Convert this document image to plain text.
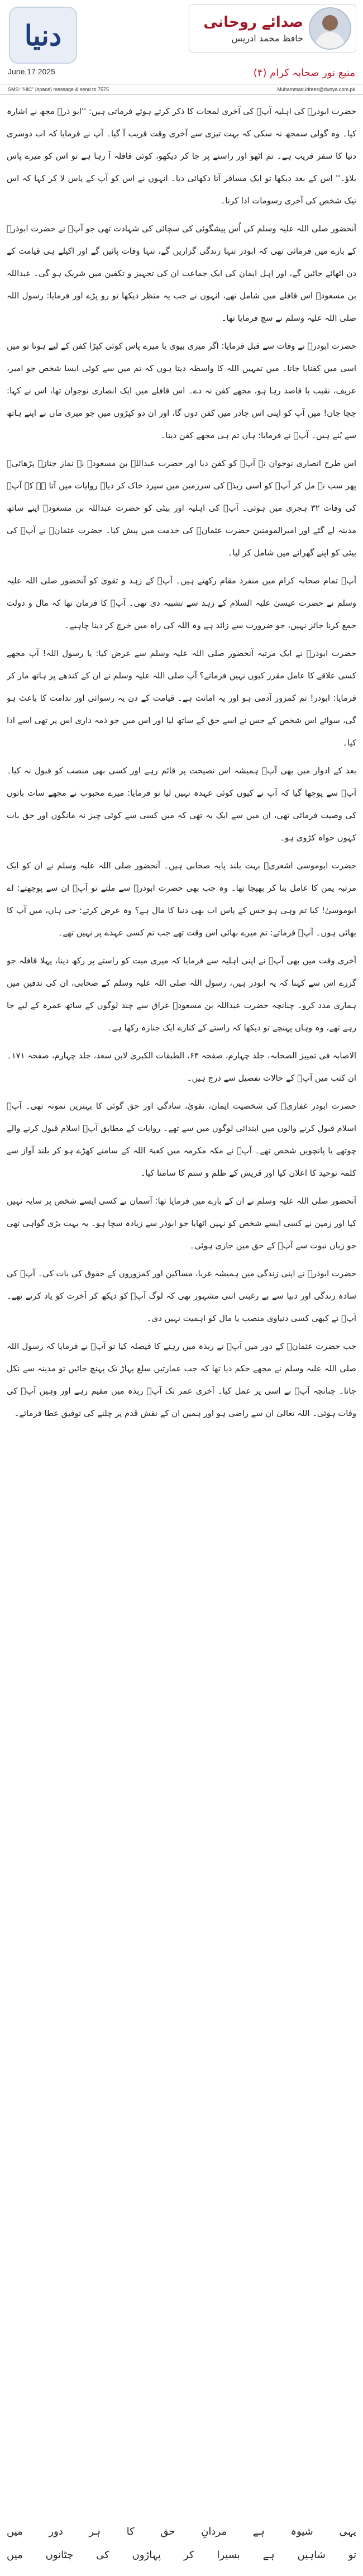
دنیا	صدائے روحانی
حافظ محمد ادریس
June,17 2025	منبع نور صحابہ کرام (۴)
SMS: "HIC" (space) message & send to 7575	Muhammad.idrees@dunya.com.pk

حضرت ابوذرؓ کی اہلیہ آپؓ کی آخری لمحات کا ذکر کرتے ہوئے فرماتی ہیں: ''ابو ذرؓ مجھ نے اشارہ کیا۔ وہ گولی سمجھ نہ سکی کہ بہت تیزی سے آخری وقت قریب آ گیا۔ آپ نے فرمایا کہ اب دوسری دنیا کا سفر قریب ہے۔ تم اٹھو اور راستے پر جا کر دیکھو، کوئی قافلہ آ رہا ہے تو اس کو میرے پاس بلاؤ۔'' اس کے بعد دیکھا تو ایک مسافر آتا دکھائی دیا۔ انہوں نے اس کو آپ کے پاس لا کر کہا کہ اس نیک شخص کی آخری رسومات ادا کرنا۔

آنحضور صلی اللہ علیہ وسلم کی اُس پیشگوئی کی سچائی کی شہادت تھی جو آپؐ نے حضرت ابوذرؓ کے بارے میں فرمائی تھی کہ ابوذر تنہا زندگی گزاریں گے، تنہا وفات پائیں گے اور اکیلے ہی قیامت کے دن اٹھائے جائیں گے، اور اہل ایمان کی ایک جماعت ان کی تجہیز و تکفین میں شریک ہو گی۔ عبداللہ بن مسعودؓ اس قافلے میں شامل تھے، انہوں نے جب یہ منظر دیکھا تو رو پڑے اور فرمایا: رسول اللہ صلی اللہ علیہ وسلم نے سچ فرمایا تھا۔

حضرت ابوذرؓ نے وفات سے قبل فرمایا: اگر میری بیوی یا میرے پاس کوئی کپڑا کفن کے لیے ہوتا تو میں اسی میں کفنایا جاتا۔ میں تمہیں اللہ کا واسطہ دیتا ہوں کہ تم میں سے کوئی ایسا شخص جو امیر، عریف، نقیب یا قاصد رہا ہو، مجھے کفن نہ دے۔ اس قافلے میں ایک انصاری نوجوان تھا، اس نے کہا: چچا جان! میں آپ کو اپنی اس چادر میں کفن دوں گا، اور ان دو کپڑوں میں جو میری ماں نے اپنے ہاتھ سے بُنے ہیں۔ آپؓ نے فرمایا: ہاں تم ہی مجھے کفن دینا۔

اس طرح انصاری نوجوان نے آپؓ کو کفن دیا اور حضرت عبداللہ بن مسعودؓ نے نماز جنازہ پڑھائی۔ پھر سب نے مل کر آپؓ کو اسی ربذہ کی سرزمین میں سپرد خاک کر دیا۔ روایات میں آتا ہے کہ آپؓ کی وفات ۳۲ ہجری میں ہوئی۔ آپؓ کی اہلیہ اور بیٹی کو حضرت عبداللہ بن مسعودؓ اپنے ساتھ مدینہ لے گئے اور امیرالمومنین حضرت عثمانؓ کی خدمت میں پیش کیا۔ حضرت عثمانؓ نے آپؓ کی بیٹی کو اپنے گھرانے میں شامل کر لیا۔

آپؓ تمام صحابہ کرام میں منفرد مقام رکھتے ہیں۔ آپؓ کے زہد و تقویٰ کو آنحضور صلی اللہ علیہ وسلم نے حضرت عیسیٰ علیہ السلام کے زہد سے تشبیہ دی تھی۔ آپؓ کا فرمان تھا کہ مال و دولت جمع کرنا جائز نہیں، جو ضرورت سے زائد ہے وہ اللہ کی راہ میں خرچ کر دینا چاہیے۔

حضرت ابوذرؓ نے ایک مرتبہ آنحضور صلی اللہ علیہ وسلم سے عرض کیا: یا رسول اللہ! آپ مجھے کسی علاقے کا عامل مقرر کیوں نہیں فرماتے؟ آپ صلی اللہ علیہ وسلم نے ان کے کندھے پر ہاتھ مار کر فرمایا: ابوذر! تم کمزور آدمی ہو اور یہ امانت ہے۔ قیامت کے دن یہ رسوائی اور ندامت کا باعث ہو گی، سوائے اس شخص کے جس نے اسے حق کے ساتھ لیا اور اس میں جو ذمہ داری اس پر تھی اسے ادا کیا۔

بعد کے ادوار میں بھی آپؓ ہمیشہ اس نصیحت پر قائم رہے اور کسی بھی منصب کو قبول نہ کیا۔ آپؓ سے پوچھا گیا کہ آپ نے کیوں کوئی عہدہ نہیں لیا تو فرمایا: میرے محبوب نے مجھے سات باتوں کی وصیت فرمائی تھی، ان میں سے ایک یہ تھی کہ میں کسی سے کوئی چیز نہ مانگوں اور حق بات کہوں خواہ کڑوی ہو۔

حضرت ابوموسیٰ اشعریؓ بہت بلند پایہ صحابی ہیں۔ آنحضور صلی اللہ علیہ وسلم نے ان کو ایک مرتبہ یمن کا عامل بنا کر بھیجا تھا۔ وہ جب بھی حضرت ابوذرؓ سے ملتے تو آپؓ ان سے پوچھتے: اے ابوموسیٰ! کیا تم وہی ہو جس کے پاس اب بھی دنیا کا مال ہے؟ وہ عرض کرتے: جی ہاں، میں آپ کا بھائی ہوں۔ آپؓ فرماتے: تم میرے بھائی اس وقت تھے جب تم کسی عہدے پر نہیں تھے۔

آخری وقت میں بھی آپؓ نے اپنی اہلیہ سے فرمایا کہ میری میت کو راستے پر رکھ دینا، پہلا قافلہ جو گزرے اس سے کہنا کہ یہ ابوذر ہیں، رسول اللہ صلی اللہ علیہ وسلم کے صحابی، ان کی تدفین میں ہماری مدد کرو۔ چنانچہ حضرت عبداللہ بن مسعودؓ عراق سے چند لوگوں کے ساتھ عمرہ کے لیے جا رہے تھے، وہ وہاں پہنچے تو دیکھا کہ راستے کے کنارے ایک جنازہ رکھا ہے۔

الاصابہ فی تمییز الصحابہ، جلد چہارم، صفحہ ۶۴، الطبقات الکبریٰ لابن سعد، جلد چہارم، صفحہ ۱۷۱۔ ان کتب میں آپؓ کے حالات تفصیل سے درج ہیں۔

حضرت ابوذر غفاریؓ کی شخصیت ایمان، تقویٰ، سادگی اور حق گوئی کا بہترین نمونہ تھی۔ آپؓ اسلام قبول کرنے والوں میں ابتدائی لوگوں میں سے تھے۔ روایات کے مطابق آپؓ اسلام قبول کرنے والے چوتھے یا پانچویں شخص تھے۔ آپؓ نے مکہ مکرمہ میں کعبۃ اللہ کے سامنے کھڑے ہو کر بلند آواز سے کلمہ توحید کا اعلان کیا اور قریش کے ظلم و ستم کا سامنا کیا۔

آنحضور صلی اللہ علیہ وسلم نے ان کے بارے میں فرمایا تھا: آسمان نے کسی ایسے شخص پر سایہ نہیں کیا اور زمین نے کسی ایسے شخص کو نہیں اٹھایا جو ابوذر سے زیادہ سچا ہو۔ یہ بہت بڑی گواہی تھی جو زبان نبوت سے آپؓ کے حق میں جاری ہوئی۔

حضرت ابوذرؓ نے اپنی زندگی میں ہمیشہ غربا، مساکین اور کمزوروں کے حقوق کی بات کی۔ آپؓ کی سادہ زندگی اور دنیا سے بے رغبتی اتنی مشہور تھی کہ لوگ آپؓ کو دیکھ کر آخرت کو یاد کرتے تھے۔ آپؓ نے کبھی کسی دنیاوی منصب یا مال کو اہمیت نہیں دی۔

جب حضرت عثمانؓ کے دور میں آپؓ نے ربذہ میں رہنے کا فیصلہ کیا تو آپؓ نے فرمایا کہ رسول اللہ صلی اللہ علیہ وسلم نے مجھے حکم دیا تھا کہ جب عمارتیں سلع پہاڑ تک پہنچ جائیں تو مدینہ سے نکل جانا۔ چنانچہ آپؓ نے اسی پر عمل کیا۔ آخری عمر تک آپؓ ربذہ میں مقیم رہے اور وہیں آپؓ کی وفات ہوئی۔ اللہ تعالیٰ ان سے راضی ہو اور ہمیں ان کے نقش قدم پر چلنے کی توفیق عطا فرمائے۔

یہی شیوہ ہے مردانِ حق کا ہر دور میں
تو شاہیں ہے بسیرا کر پہاڑوں کی چٹانوں میں
